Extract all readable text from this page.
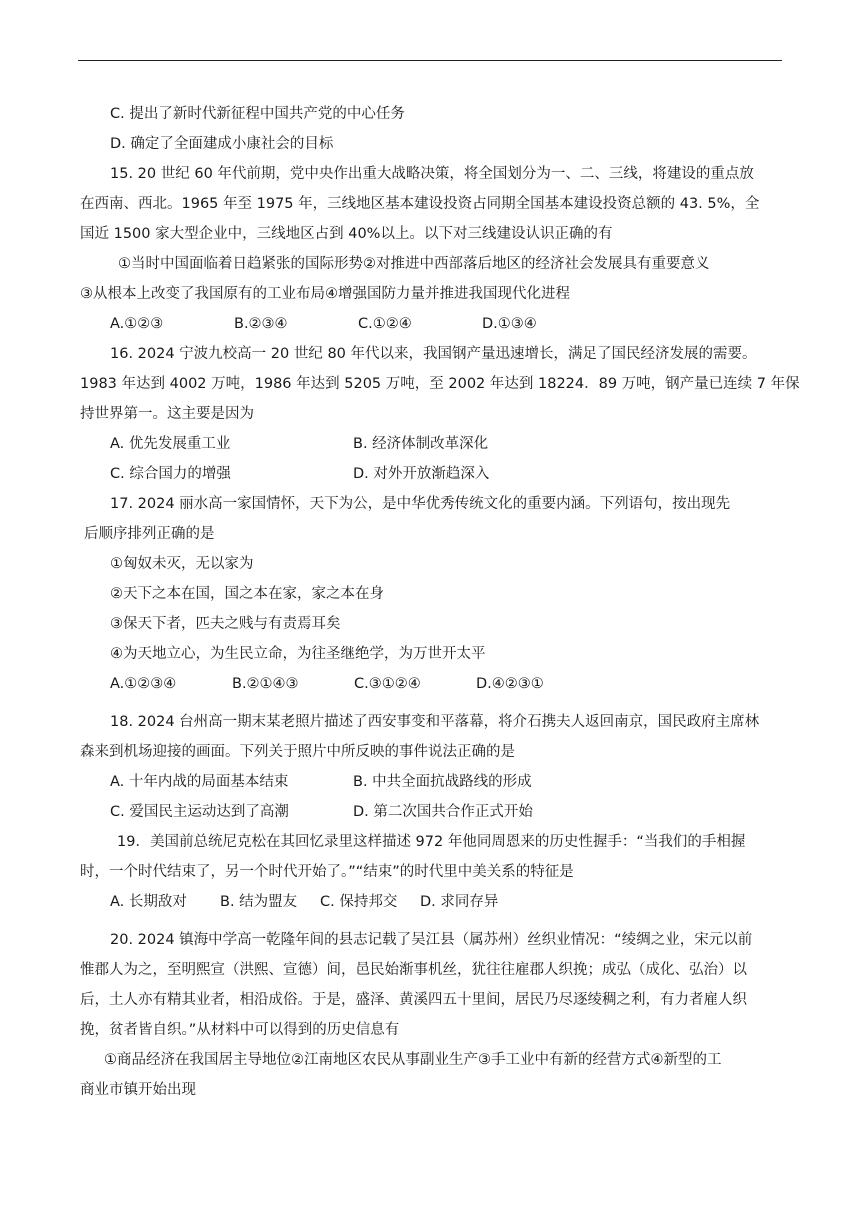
C. 提出了新时代新征程中国共产党的中心任务
D. 确定了全面建成小康社会的目标
15. 20 世纪 60 年代前期，党中央作出重大战略决策，将全国划分为一、二、三线，将建设的重点放
在西南、西北。1965 年至 1975 年，三线地区基本建设投资占同期全国基本建设投资总额的 43. 5%，全
国近 1500 家大型企业中，三线地区占到 40%以上。以下对三线建设认识正确的有
①当时中国面临着日趋紧张的国际形势②对推进中西部落后地区的经济社会发展具有重要意义
③从根本上改变了我国原有的工业布局④增强国防力量并推进我国现代化进程
A.①②③	B.②③④	C.①②④	D.①③④
16. 2024 宁波九校高一 20 世纪 80 年代以来，我国钢产量迅速增长，满足了国民经济发展的需要。
1983 年达到 4002 万吨，1986 年达到 5205 万吨，至 2002 年达到 18224．89 万吨，钢产量已连续 7 年保
持世界第一。这主要是因为
A. 优先发展重工业	B. 经济体制改革深化
C. 综合国力的增强	D. 对外开放渐趋深入
17. 2024 丽水高一家国情怀，天下为公，是中华优秀传统文化的重要内涵。下列语句，按出现先
后顺序排列正确的是
①匈奴未灭，无以家为
②天下之本在国，国之本在家，家之本在身
③保天下者，匹夫之贱与有责焉耳矣
④为天地立心，为生民立命，为往圣继绝学，为万世开太平
A.①②③④	B.②①④③	C.③①②④	D.④②③①
18. 2024 台州高一期末某老照片描述了西安事变和平落幕，将介石携夫人返回南京，国民政府主席林
森来到机场迎接的画面。下列关于照片中所反映的事件说法正确的是
A. 十年内战的局面基本结束	B. 中共全面抗战路线的形成
C. 爱国民主运动达到了高潮	D. 第二次国共合作正式开始
19．美国前总统尼克松在其回忆录里这样描述 972 年他同周恩来的历史性握手：“当我们的手相握
时，一个时代结束了，另一个时代开始了。”“结束”的时代里中美关系的特征是
A. 长期敌对	B. 结为盟友	C. 保持邦交	D. 求同存异
20. 2024 镇海中学高一乾隆年间的县志记载了吴江县（属苏州）丝织业情况：“绫绸之业，宋元以前
惟郡人为之，至明熙宣（洪熙、宣德）间，邑民始渐事机丝，犹往往雇郡人织挽；成弘（成化、弘治）以
后，土人亦有精其业者，相沿成俗。于是，盛泽、黄溪四五十里间，居民乃尽逐绫稠之利，有力者雇人织
挽，贫者皆自织。”从材料中可以得到的历史信息有
①商品经济在我国居主导地位②江南地区农民从事副业生产③手工业中有新的经营方式④新型的工
商业市镇开始出现
